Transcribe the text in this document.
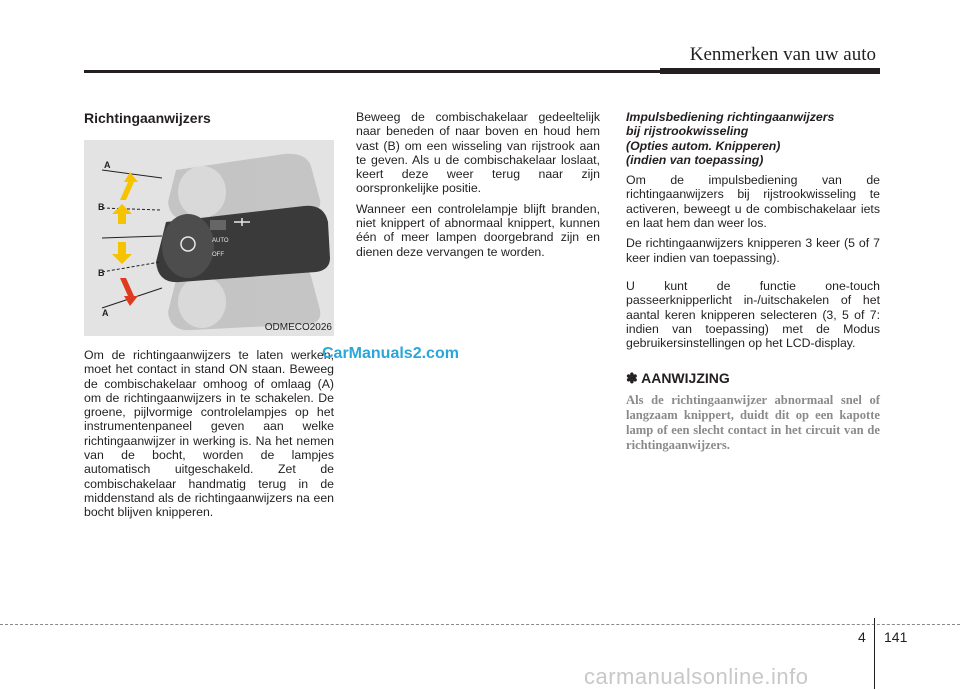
Kenmerken van uw auto
Richtingaanwijzers
AUTO
OFF
A
B
B
A
ODMECO2026

Om de richtingaanwijzers te laten werken, moet het contact in stand ON staan. Beweeg de combischakelaar omhoog of omlaag (A) om de richtingaanwijzers in te schakelen. De groene, pijlvormige controlelampjes op het instrumentenpaneel geven aan welke richtingaanwijzer in werking is. Na het nemen van de bocht, worden de lampjes automatisch uitgeschakeld. Zet de combischakelaar handmatig terug in de middenstand als de richtingaanwijzers na een bocht blijven knipperen.

Beweeg de combischakelaar gedeeltelijk naar beneden of naar boven en houd hem vast (B) om een wisseling van rijstrook aan te geven. Als u de combischakelaar loslaat, keert deze weer terug naar zijn oorspronkelijke positie.

Wanneer een controlelampje blijft branden, niet knippert of abnormaal knippert, kunnen één of meer lampen doorgebrand zijn en dienen deze vervangen te worden.

Impulsbediening richtingaanwijzers
bij rijstrookwisseling
(Opties autom. Knipperen)
(indien van toepassing)

Om de impulsbediening van de richtingaanwijzers bij rijstrookwisseling te activeren, beweegt u de combischakelaar iets en laat hem dan weer los.

De richtingaanwijzers knipperen 3 keer (5 of 7 keer indien van toepassing).

U kunt de functie one-touch passeerknipperlicht in-/uitschakelen of het aantal keren knipperen selecteren (3, 5 of 7: indien van toepassing) met de Modus gebruikersinstellingen op het LCD-display.

✽ AANWIJZING

Als de richtingaanwijzer abnormaal snel of langzaam knippert, duidt dit op een kapotte lamp of een slecht contact in het circuit van de richtingaanwijzers.

CarManuals2.com
4 141
carmanualsonline.info
